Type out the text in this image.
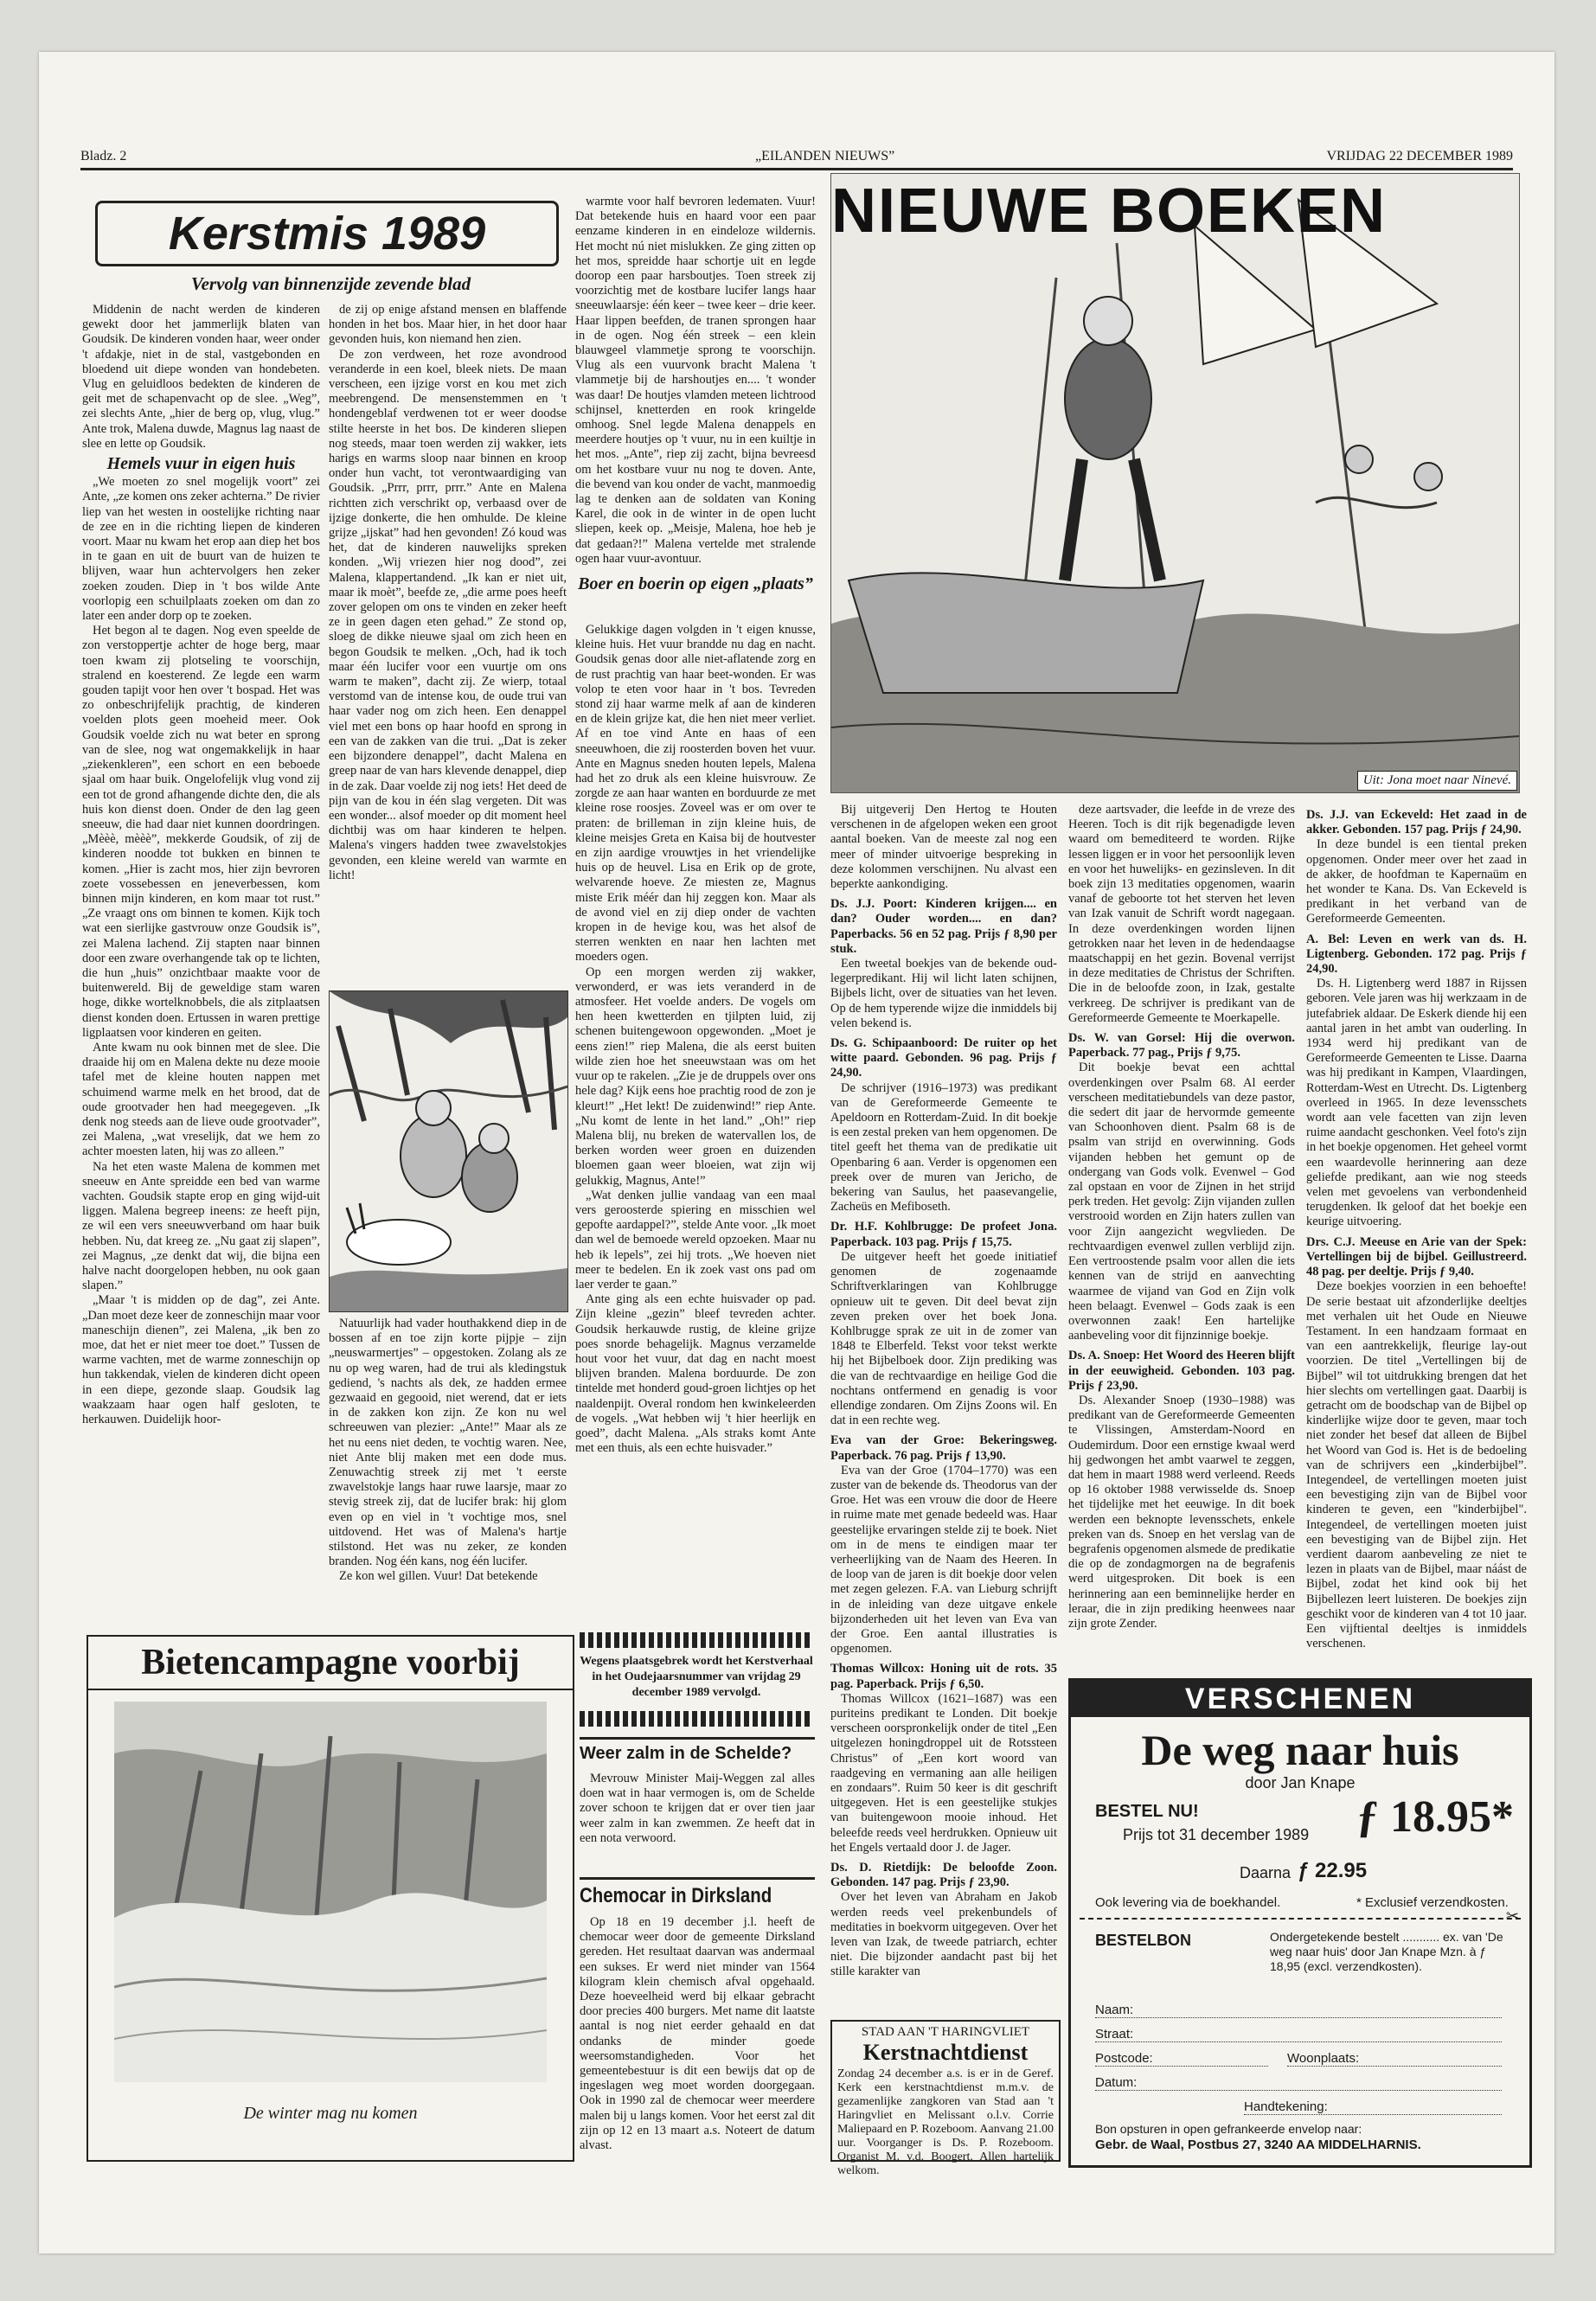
Bladz. 2	„EILANDEN NIEUWS”	VRIJDAG 22 DECEMBER 1989
Kerstmis 1989
Vervolg van binnenzijde zevende blad

Middenin de nacht werden de kinderen gewekt door het jammerlijk blaten van Goudsik. De kinderen vonden haar, weer onder 't afdakje, niet in de stal, vastgebonden en bloedend uit diepe wonden van hondebeten. Vlug en geluidloos bedekten de kinderen de geit met de schapenvacht op de slee. „Weg”, zei slechts Ante, „hier de berg op, vlug, vlug.” Ante trok, Malena duwde, Magnus lag naast de slee en lette op Goudsik.

Hemels vuur in eigen huis

„We moeten zo snel mogelijk voort” zei Ante, „ze komen ons zeker achterna.” De rivier liep van het westen in oostelijke richting naar de zee en in die richting liepen de kinderen voort. Maar nu kwam het erop aan diep het bos in te gaan en uit de buurt van de huizen te blijven, waar hun achtervolgers hen zeker zoeken zouden. Diep in 't bos wilde Ante voorlopig een schuilplaats zoeken om dan zo later een ander dorp op te zoeken.

Het begon al te dagen. Nog even speelde de zon verstoppertje achter de hoge berg, maar toen kwam zij plotseling te voorschijn, stralend en koesterend. Ze legde een warm gouden tapijt voor hen over 't bospad. Het was zo onbeschrijfelijk prachtig, de kinderen voelden plots geen moeheid meer. Ook Goudsik voelde zich nu wat beter en sprong van de slee, nog wat ongemakkelijk in haar „ziekenkleren”, een schort en een beboede sjaal om haar buik. Ongelofelijk vlug vond zij een tot de grond afhangende dichte den, die als huis kon dienst doen. Onder de den lag geen sneeuw, die had daar niet kunnen doordringen. „Mèèè, mèèè”, mekkerde Goudsik, of zij de kinderen noodde tot bukken en binnen te komen. „Hier is zacht mos, hier zijn bevroren zoete vossebessen en jeneverbessen, kom binnen mijn kinderen, en kom maar tot rust.” „Ze vraagt ons om binnen te komen. Kijk toch wat een sierlijke gastvrouw onze Goudsik is”, zei Malena lachend. Zij stapten naar binnen door een zware overhangende tak op te lichten, die hun „huis” onzichtbaar maakte voor de buitenwereld. Bij de geweldige stam waren hoge, dikke wortelknobbels, die als zitplaatsen dienst konden doen. Ertussen in waren prettige ligplaatsen voor kinderen en geiten.

Ante kwam nu ook binnen met de slee. Die draaide hij om en Malena dekte nu deze mooie tafel met de kleine houten nappen met schuimend warme melk en het brood, dat de oude grootvader hen had meegegeven. „Ik denk nog steeds aan de lieve oude grootvader”, zei Malena, „wat vreselijk, dat we hem zo achter moesten laten, hij was zo alleen.”

Na het eten waste Malena de kommen met sneeuw en Ante spreidde een bed van warme vachten. Goudsik stapte erop en ging wijd-uit liggen. Malena begreep ineens: ze heeft pijn, ze wil een vers sneeuwverband om haar buik hebben. Nu, dat kreeg ze. „Nu gaat zij slapen”, zei Magnus, „ze denkt dat wij, die bijna een halve nacht doorgelopen hebben, nu ook gaan slapen.”

„Maar 't is midden op de dag”, zei Ante. „Dan moet deze keer de zonneschijn maar voor maneschijn dienen”, zei Malena, „ik ben zo moe, dat het er niet meer toe doet.” Tussen de warme vachten, met de warme zonneschijn op hun takkendak, vielen de kinderen dicht opeen in een diepe, gezonde slaap. Goudsik lag waakzaam haar ogen half gesloten, te herkauwen. Duidelijk hoor-

de zij op enige afstand mensen en blaffende honden in het bos. Maar hier, in het door haar gevonden huis, kon niemand hen zien.

De zon verdween, het roze avondrood veranderde in een koel, bleek niets. De maan verscheen, een ijzige vorst en kou met zich meebrengend. De mensenstemmen en 't hondengeblaf verdwenen tot er weer doodse stilte heerste in het bos. De kinderen sliepen nog steeds, maar toen werden zij wakker, iets harigs en warms sloop naar binnen en kroop onder hun vacht, tot verontwaardiging van Goudsik. „Prrr, prrr, prrr.” Ante en Malena richtten zich verschrikt op, verbaasd over de ijzige donkerte, die hen omhulde. De kleine grijze „ijskat” had hen gevonden! Zó koud was het, dat de kinderen nauwelijks spreken konden. „Wij vriezen hier nog dood”, zei Malena, klappertandend. „Ik kan er niet uit, maar ik moèt”, beefde ze, „die arme poes heeft zover gelopen om ons te vinden en zeker heeft ze in geen dagen eten gehad.” Ze stond op, sloeg de dikke nieuwe sjaal om zich heen en begon Goudsik te melken. „Och, had ik toch maar één lucifer voor een vuurtje om ons warm te maken”, dacht zij. Ze wierp, totaal verstomd van de intense kou, de oude trui van haar vader nog om zich heen. Een denappel viel met een bons op haar hoofd en sprong in een van de zakken van die trui. „Dat is zeker een bijzondere denappel”, dacht Malena en greep naar de van hars klevende denappel, diep in de zak. Daar voelde zij nog iets! Het deed de pijn van de kou in één slag vergeten. Dit was een wonder... alsof moeder op dit moment heel dichtbij was om haar kinderen te helpen. Malena's vingers hadden twee zwavelstokjes gevonden, een kleine wereld van warmte en licht!

Natuurlijk had vader houthakkend diep in de bossen af en toe zijn korte pijpje – zijn „neuswarmertjes” – opgestoken. Zolang als ze nu op weg waren, had de trui als kledingstuk gediend, 's nachts als dek, ze hadden ermee gezwaaid en gegooid, niet werend, dat er iets in de zakken kon zijn. Ze kon nu wel schreeuwen van plezier: „Ante!” Maar als ze het nu eens niet deden, te vochtig waren. Nee, niet Ante blij maken met een dode mus. Zenuwachtig streek zij met 't eerste zwavelstokje langs haar ruwe laarsje, maar zo stevig streek zij, dat de lucifer brak: hij glom even op en viel in 't vochtige mos, snel uitdovend. Het was of Malena's hartje stilstond. Het was nu zeker, ze konden branden. Nog één kans, nog één lucifer.

Ze kon wel gillen. Vuur! Dat betekende

warmte voor half bevroren ledematen. Vuur! Dat betekende huis en haard voor een paar eenzame kinderen in en eindeloze wildernis. Het mocht nú niet mislukken. Ze ging zitten op het mos, spreidde haar schortje uit en legde doorop een paar harsboutjes. Toen streek zij voorzichtig met de kostbare lucifer langs haar sneeuwlaarsje: één keer – twee keer – drie keer. Haar lippen beefden, de tranen sprongen haar in de ogen. Nog één streek – een klein blauwgeel vlammetje sprong te voorschijn. Vlug als een vuurvonk bracht Malena 't vlammetje bij de harshoutjes en.... 't wonder was daar! De houtjes vlamden meteen lichtrood schijnsel, knetterden en rook kringelde omhoog. Snel legde Malena denappels en meerdere houtjes op 't vuur, nu in een kuiltje in het mos. „Ante”, riep zij zacht, bijna bevreesd om het kostbare vuur nu nog te doven. Ante, die bevend van kou onder de vacht, manmoedig lag te denken aan de soldaten van Koning Karel, die ook in de winter in de open lucht sliepen, keek op. „Meisje, Malena, hoe heb je dat gedaan?!” Malena vertelde met stralende ogen haar vuur-avontuur.

Boer en boerin op eigen „plaats”

Gelukkige dagen volgden in 't eigen knusse, kleine huis. Het vuur brandde nu dag en nacht. Goudsik genas door alle niet-aflatende zorg en de rust prachtig van haar beet-wonden. Er was volop te eten voor haar in 't bos. Tevreden stond zij haar warme melk af aan de kinderen en de klein grijze kat, die hen niet meer verliet. Af en toe vind Ante en haas of een sneeuwhoen, die zij roosterden boven het vuur. Ante en Magnus sneden houten lepels, Malena had het zo druk als een kleine huisvrouw. Ze zorgde ze aan haar wanten en borduurde ze met kleine rose roosjes. Zoveel was er om over te praten: de brilleman in zijn kleine huis, de kleine meisjes Greta en Kaisa bij de houtvester en zijn aardige vrouwtjes in het vriendelijke huis op de heuvel. Lisa en Erik op de grote, welvarende hoeve. Ze miesten ze, Magnus miste Erik méér dan hij zeggen kon. Maar als de avond viel en zij diep onder de vachten kropen in de hevige kou, was het alsof de sterren wenkten en naar hen lachten met moeders ogen.

Op een morgen werden zij wakker, verwonderd, er was iets veranderd in de atmosfeer. Het voelde anders. De vogels om hen heen kwetterden en tjilpten luid, zij schenen buitengewoon opgewonden. „Moet je eens zien!” riep Malena, die als eerst buiten wilde zien hoe het sneeuwstaan was om het vuur op te rakelen. „Zie je de druppels over ons hele dag? Kijk eens hoe prachtig rood de zon je kleurt!” „Het lekt! De zuidenwind!” riep Ante. „Nu komt de lente in het land.” „Oh!” riep Malena blij, nu breken de watervallen los, de berken worden weer groen en duizenden bloemen gaan weer bloeien, wat zijn wij gelukkig, Magnus, Ante!”

„Wat denken jullie vandaag van een maal vers geroosterde spiering en misschien wel gepofte aardappel?”, stelde Ante voor. „Ik moet dan wel de bemoede wereld opzoeken. Maar nu heb ik lepels”, zei hij trots. „We hoeven niet meer te bedelen. En ik zoek vast ons pad om laer verder te gaan.”

Ante ging als een echte huisvader op pad. Zijn kleine „gezin” bleef tevreden achter. Goudsik herkauwde rustig, de kleine grijze poes snorde behagelijk. Magnus verzamelde hout voor het vuur, dat dag en nacht moest blijven branden. Malena borduurde. De zon tintelde met honderd goud-groen lichtjes op het naaldenpijt. Overal rondom hen kwinkeleerden de vogels. „Wat hebben wij 't hier heerlijk en goed”, dacht Malena. „Als straks komt Ante met een thuis, als een echte huisvader.”

Wegens plaatsgebrek wordt het Kerstverhaal in het Oudejaarsnummer van vrijdag 29 december 1989 vervolgd.
Bietencampagne voorbij
De winter mag nu komen
Weer zalm in de Schelde?

Mevrouw Minister Maij-Weggen zal alles doen wat in haar vermogen is, om de Schelde zover schoon te krijgen dat er over tien jaar weer zalm in kan zwemmen. Ze heeft dat in een nota verwoord.

Chemocar in Dirksland

Op 18 en 19 december j.l. heeft de chemocar weer door de gemeente Dirksland gereden. Het resultaat daarvan was andermaal een sukses. Er werd niet minder van 1564 kilogram klein chemisch afval opgehaald. Deze hoeveelheid werd bij elkaar gebracht door precies 400 burgers. Met name dit laatste aantal is nog niet eerder gehaald en dat ondanks de minder goede weersomstandigheden. Voor het gemeentebestuur is dit een bewijs dat op de ingeslagen weg moet worden doorgegaan. Ook in 1990 zal de chemocar weer meerdere malen bij u langs komen. Voor het eerst zal dit zijn op 12 en 13 maart a.s. Noteert de datum alvast.

NIEUWE BOEKEN
Uit: Jona moet naar Ninevé.

Bij uitgeverij Den Hertog te Houten verschenen in de afgelopen weken een groot aantal boeken. Van de meeste zal nog een meer of minder uitvoerige bespreking in deze kolommen verschijnen. Nu alvast een beperkte aankondiging.

Ds. J.J. Poort: Kinderen krijgen.... en dan? Ouder worden.... en dan? Paperbacks. 56 en 52 pag. Prijs ƒ 8,90 per stuk.

Een tweetal boekjes van de bekende oud-legerpredikant. Hij wil licht laten schijnen, Bijbels licht, over de situaties van het leven. Op de hem typerende wijze die inmiddels bij velen bekend is.

Ds. G. Schipaanboord: De ruiter op het witte paard. Gebonden. 96 pag. Prijs ƒ 24,90.

De schrijver (1916–1973) was predikant van de Gereformeerde Gemeente te Apeldoorn en Rotterdam-Zuid. In dit boekje is een zestal preken van hem opgenomen. De titel geeft het thema van de predikatie uit Openbaring 6 aan. Verder is opgenomen een preek over de muren van Jericho, de bekering van Saulus, het paasevangelie, Zacheüs en Mefiboseth.

Dr. H.F. Kohlbrugge: De profeet Jona. Paperback. 103 pag. Prijs ƒ 15,75.

De uitgever heeft het goede initiatief genomen de zogenaamde Schriftverklaringen van Kohlbrugge opnieuw uit te geven. Dit deel bevat zijn zeven preken over het boek Jona. Kohlbrugge sprak ze uit in de zomer van 1848 te Elberfeld. Tekst voor tekst werkte hij het Bijbelboek door. Zijn prediking was die van de rechtvaardige en heilige God die nochtans ontfermend en genadig is voor ellendige zondaren. Om Zijns Zoons wil. En dat in een rechte weg.

Eva van der Groe: Bekeringsweg. Paperback. 76 pag. Prijs ƒ 13,90.

Eva van der Groe (1704–1770) was een zuster van de bekende ds. Theodorus van der Groe. Het was een vrouw die door de Heere in ruime mate met genade bedeeld was. Haar geestelijke ervaringen stelde zij te boek. Niet om in de mens te eindigen maar ter verheerlijking van de Naam des Heeren. In de loop van de jaren is dit boekje door velen met zegen gelezen. F.A. van Lieburg schrijft in de inleiding van deze uitgave enkele bijzonderheden uit het leven van Eva van der Groe. Een aantal illustraties is opgenomen.

Thomas Willcox: Honing uit de rots. 35 pag. Paperback. Prijs ƒ 6,50.

Thomas Willcox (1621–1687) was een puriteins predikant te Londen. Dit boekje verscheen oorspronkelijk onder de titel „Een uitgelezen honingdroppel uit de Rotssteen Christus” of „Een kort woord van raadgeving en vermaning aan alle heiligen en zondaars”. Ruim 50 keer is dit geschrift uitgegeven. Het is een geestelijke stukjes van buitengewoon mooie inhoud. Het beleefde reeds veel herdrukken. Opnieuw uit het Engels vertaald door J. de Jager.

Ds. D. Rietdijk: De beloofde Zoon. Gebonden. 147 pag. Prijs ƒ 23,90.

Over het leven van Abraham en Jakob werden reeds veel prekenbundels of meditaties in boekvorm uitgegeven. Over het leven van Izak, de tweede patriarch, echter niet. Die bijzonder aandacht past bij het stille karakter van

deze aartsvader, die leefde in de vreze des Heeren. Toch is dit rijk begenadigde leven waard om bemediteerd te worden. Rijke lessen liggen er in voor het persoonlijk leven en voor het huwelijks- en gezinsleven. In dit boek zijn 13 meditaties opgenomen, waarin vanaf de geboorte tot het sterven het leven van Izak vanuit de Schrift wordt nagegaan. In deze overdenkingen worden lijnen getrokken naar het leven in de hedendaagse maatschappij en het gezin. Bovenal verrijst in deze meditaties de Christus der Schriften. Die in de beloofde zoon, in Izak, gestalte verkreeg. De schrijver is predikant van de Gereformeerde Gemeente te Moerkapelle.

Ds. W. van Gorsel: Hij die overwon. Paperback. 77 pag., Prijs ƒ 9,75.

Dit boekje bevat een achttal overdenkingen over Psalm 68. Al eerder verscheen meditatiebundels van deze pastor, die sedert dit jaar de hervormde gemeente van Schoonhoven dient. Psalm 68 is de psalm van strijd en overwinning. Gods vijanden hebben het gemunt op de ondergang van Gods volk. Evenwel – God zal opstaan en voor de Zijnen in het strijd perk treden. Het gevolg: Zijn vijanden zullen verstrooid worden en Zijn haters zullen van voor Zijn aangezicht wegvlieden. De rechtvaardigen evenwel zullen verblijd zijn. Een vertroostende psalm voor allen die iets kennen van de strijd en aanvechting waarmee de vijand van God en Zijn volk heen belaagt. Evenwel – Gods zaak is een overwonnen zaak! Een hartelijke aanbeveling voor dit fijnzinnige boekje.

Ds. A. Snoep: Het Woord des Heeren blijft in der eeuwigheid. Gebonden. 103 pag. Prijs ƒ 23,90.

Ds. Alexander Snoep (1930–1988) was predikant van de Gereformeerde Gemeenten te Vlissingen, Amsterdam-Noord en Oudemirdum. Door een ernstige kwaal werd hij gedwongen het ambt vaarwel te zeggen, dat hem in maart 1988 werd verleend. Reeds op 16 oktober 1988 verwisselde ds. Snoep het tijdelijke met het eeuwige. In dit boek werden een beknopte levensschets, enkele preken van ds. Snoep en het verslag van de begrafenis opgenomen alsmede de predikatie die op de zondagmorgen na de begrafenis werd uitgesproken. Dit boek is een herinnering aan een beminnelijke herder en leraar, die in zijn prediking heenwees naar zijn grote Zender.

Ds. J.J. van Eckeveld: Het zaad in de akker. Gebonden. 157 pag. Prijs ƒ 24,90.

In deze bundel is een tiental preken opgenomen. Onder meer over het zaad in de akker, de hoofdman te Kapernaüm en het wonder te Kana. Ds. Van Eckeveld is predikant in het verband van de Gereformeerde Gemeenten.

A. Bel: Leven en werk van ds. H. Ligtenberg. Gebonden. 172 pag. Prijs ƒ 24,90.

Ds. H. Ligtenberg werd 1887 in Rijssen geboren. Vele jaren was hij werkzaam in de jutefabriek aldaar. De Eskerk diende hij een aantal jaren in het ambt van ouderling. In 1934 werd hij predikant van de Gereformeerde Gemeenten te Lisse. Daarna was hij predikant in Kampen, Vlaardingen, Rotterdam-West en Utrecht. Ds. Ligtenberg overleed in 1965. In deze levensschets wordt aan vele facetten van zijn leven ruime aandacht geschonken. Veel foto's zijn in het boekje opgenomen. Het geheel vormt een waardevolle herinnering aan deze geliefde predikant, aan wie nog steeds velen met gevoelens van verbondenheid terugdenken. Ik geloof dat het boekje een keurige uitvoering.

Drs. C.J. Meeuse en Arie van der Spek: Vertellingen bij de bijbel. Geillustreerd. 48 pag. per deeltje. Prijs ƒ 9,40.

Deze boekjes voorzien in een behoefte! De serie bestaat uit afzonderlijke deeltjes met verhalen uit het Oude en Nieuwe Testament. In een handzaam formaat en van een aantrekkelijk, fleurige lay-out voorzien. De titel „Vertellingen bij de Bijbel” wil tot uitdrukking brengen dat het hier slechts om vertellingen gaat. Daarbij is getracht om de boodschap van de Bijbel op kinderlijke wijze door te geven, maar toch niet zonder het besef dat alleen de Bijbel het Woord van God is. Het is de bedoeling van de schrijvers een „kinderbijbel”. Integendeel, de vertellingen moeten juist een bevestiging zijn van de Bijbel voor kinderen te geven, een "kinderbijbel". Integendeel, de vertellingen moeten juist een bevestiging van de Bijbel zijn. Het verdient daarom aanbeveling ze niet te lezen in plaats van de Bijbel, maar náást de Bijbel, zodat het kind ook bij het Bijbellezen leert luisteren. De boekjes zijn geschikt voor de kinderen van 4 tot 10 jaar. Een vijftiental deeltjes is inmiddels verschenen.

STAD AAN 'T HARINGVLIET
Kerstnachtdienst
Zondag 24 december a.s. is er in de Geref. Kerk een kerstnachtdienst m.m.v. de gezamenlijke zangkoren van Stad aan 't Haringvliet en Melissant o.l.v. Corrie Maliepaard en P. Rozeboom. Aanvang 21.00 uur. Voorganger is Ds. P. Rozeboom. Organist M. v.d. Boogert. Allen hartelijk welkom.
VERSCHENEN
De weg naar huis
door Jan Knape
BESTEL NU!
Prijs tot 31 december 1989 ƒ 18.95*
Daarna ƒ 22.95
Ook levering via de boekhandel.	* Exclusief verzendkosten.
✂
BESTELBON	Ondergetekende bestelt ........... ex. van 'De weg naar huis' door Jan Knape Mzn. à ƒ 18,95 (excl. verzendkosten).
Naam:
Straat:
Postcode:	Woonplaats:
Datum:
Handtekening:
Bon opsturen in open gefrankeerde envelop naar:
Gebr. de Waal, Postbus 27, 3240 AA MIDDELHARNIS.
